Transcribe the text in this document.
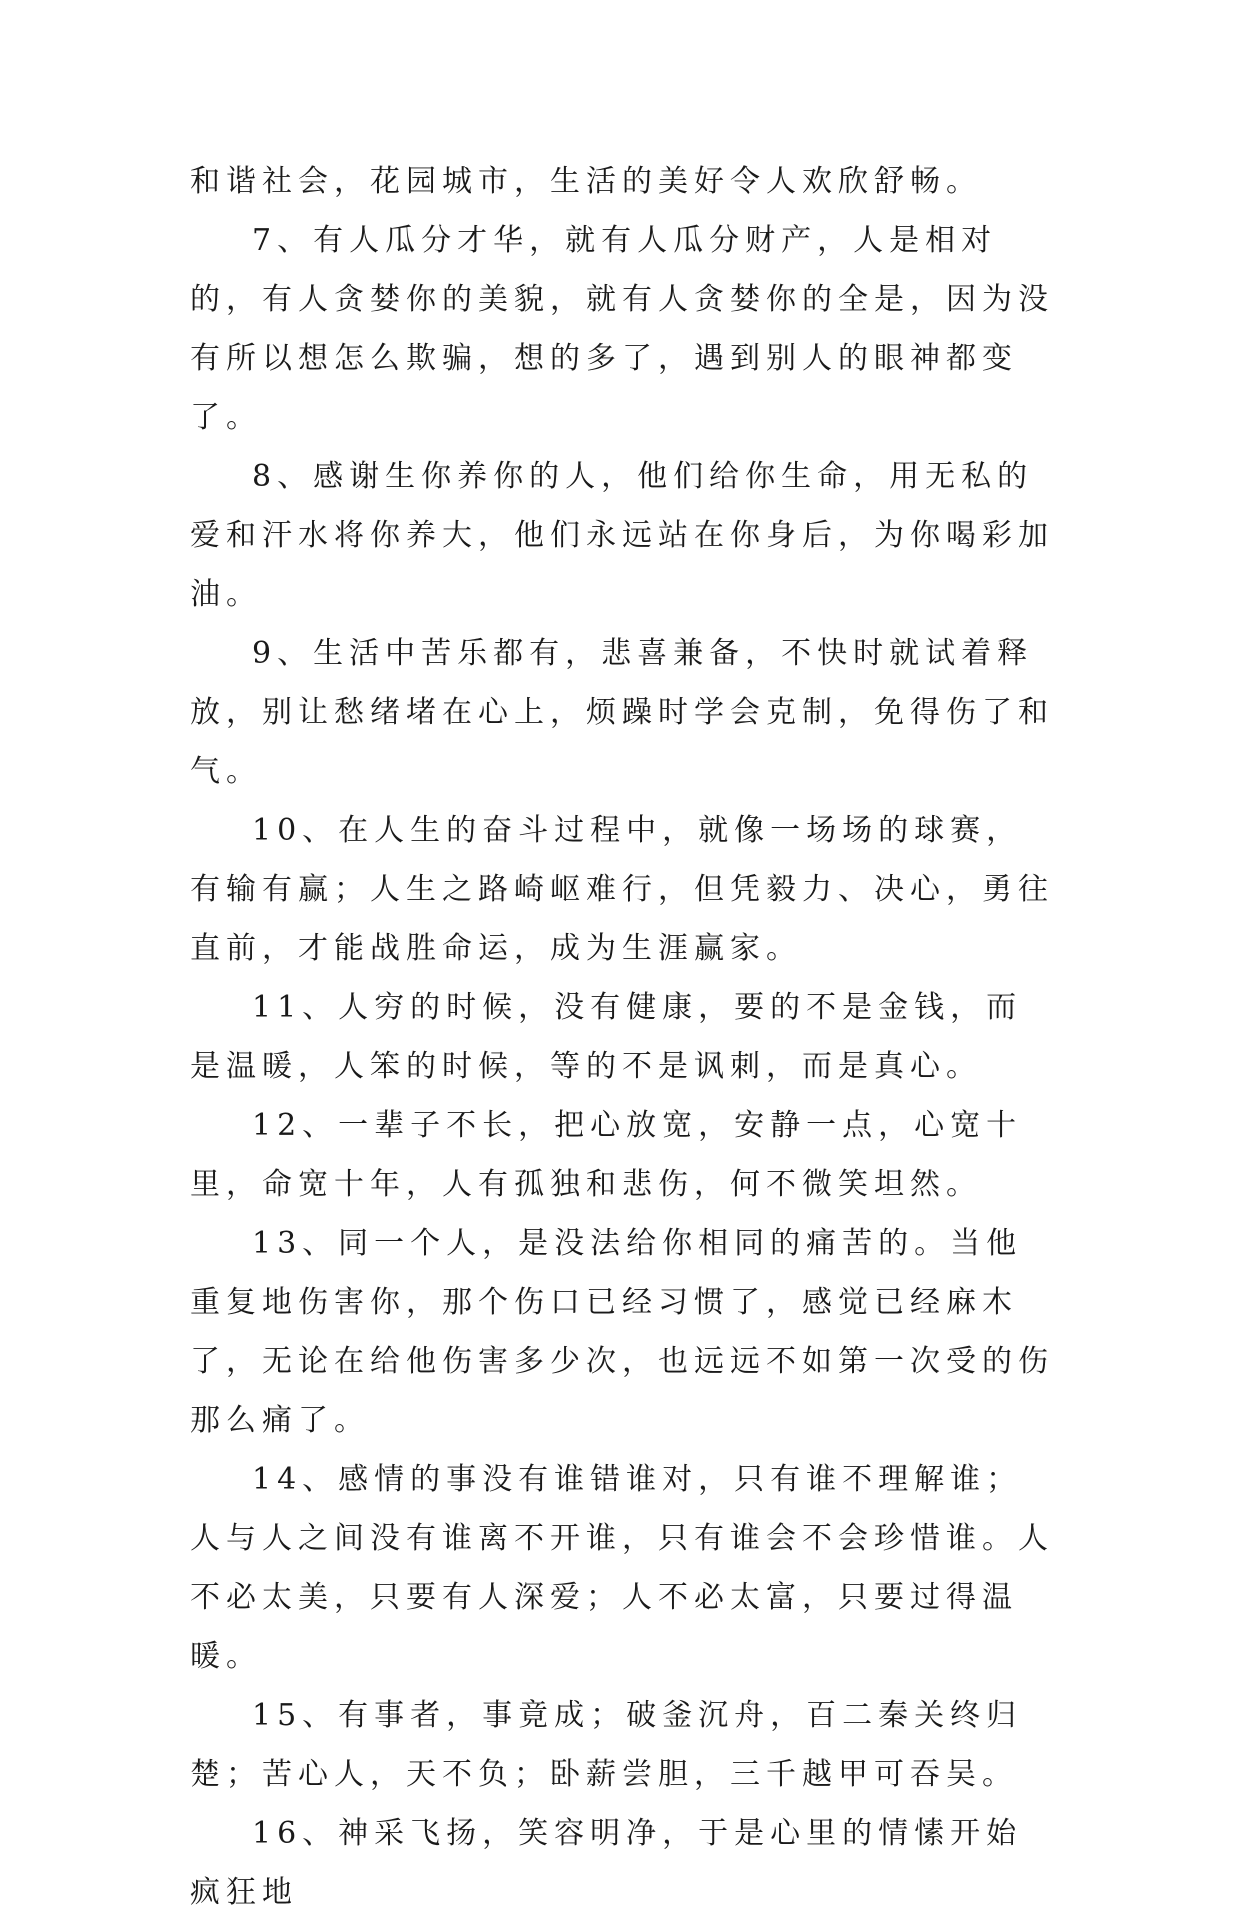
和谐社会，花园城市，生活的美好令人欢欣舒畅。

7、有人瓜分才华，就有人瓜分财产，人是相对的，有人贪婪你的美貌，就有人贪婪你的全是，因为没有所以想怎么欺骗，想的多了，遇到别人的眼神都变了。

8、感谢生你养你的人，他们给你生命，用无私的爱和汗水将你养大，他们永远站在你身后，为你喝彩加油。

9、生活中苦乐都有，悲喜兼备，不快时就试着释放，别让愁绪堵在心上，烦躁时学会克制，免得伤了和气。

10、在人生的奋斗过程中，就像一场场的球赛，有输有赢；人生之路崎岖难行，但凭毅力、决心，勇往直前，才能战胜命运，成为生涯赢家。

11、人穷的时候，没有健康，要的不是金钱，而是温暖，人笨的时候，等的不是讽刺，而是真心。

12、一辈子不长，把心放宽，安静一点，心宽十里，命宽十年，人有孤独和悲伤，何不微笑坦然。

13、同一个人，是没法给你相同的痛苦的。当他重复地伤害你，那个伤口已经习惯了，感觉已经麻木了，无论在给他伤害多少次，也远远不如第一次受的伤那么痛了。

14、感情的事没有谁错谁对，只有谁不理解谁；人与人之间没有谁离不开谁，只有谁会不会珍惜谁。人不必太美，只要有人深爱；人不必太富，只要过得温暖。

15、有事者，事竟成；破釜沉舟，百二秦关终归楚；苦心人，天不负；卧薪尝胆，三千越甲可吞吴。

16、神采飞扬，笑容明净，于是心里的情愫开始疯狂地
